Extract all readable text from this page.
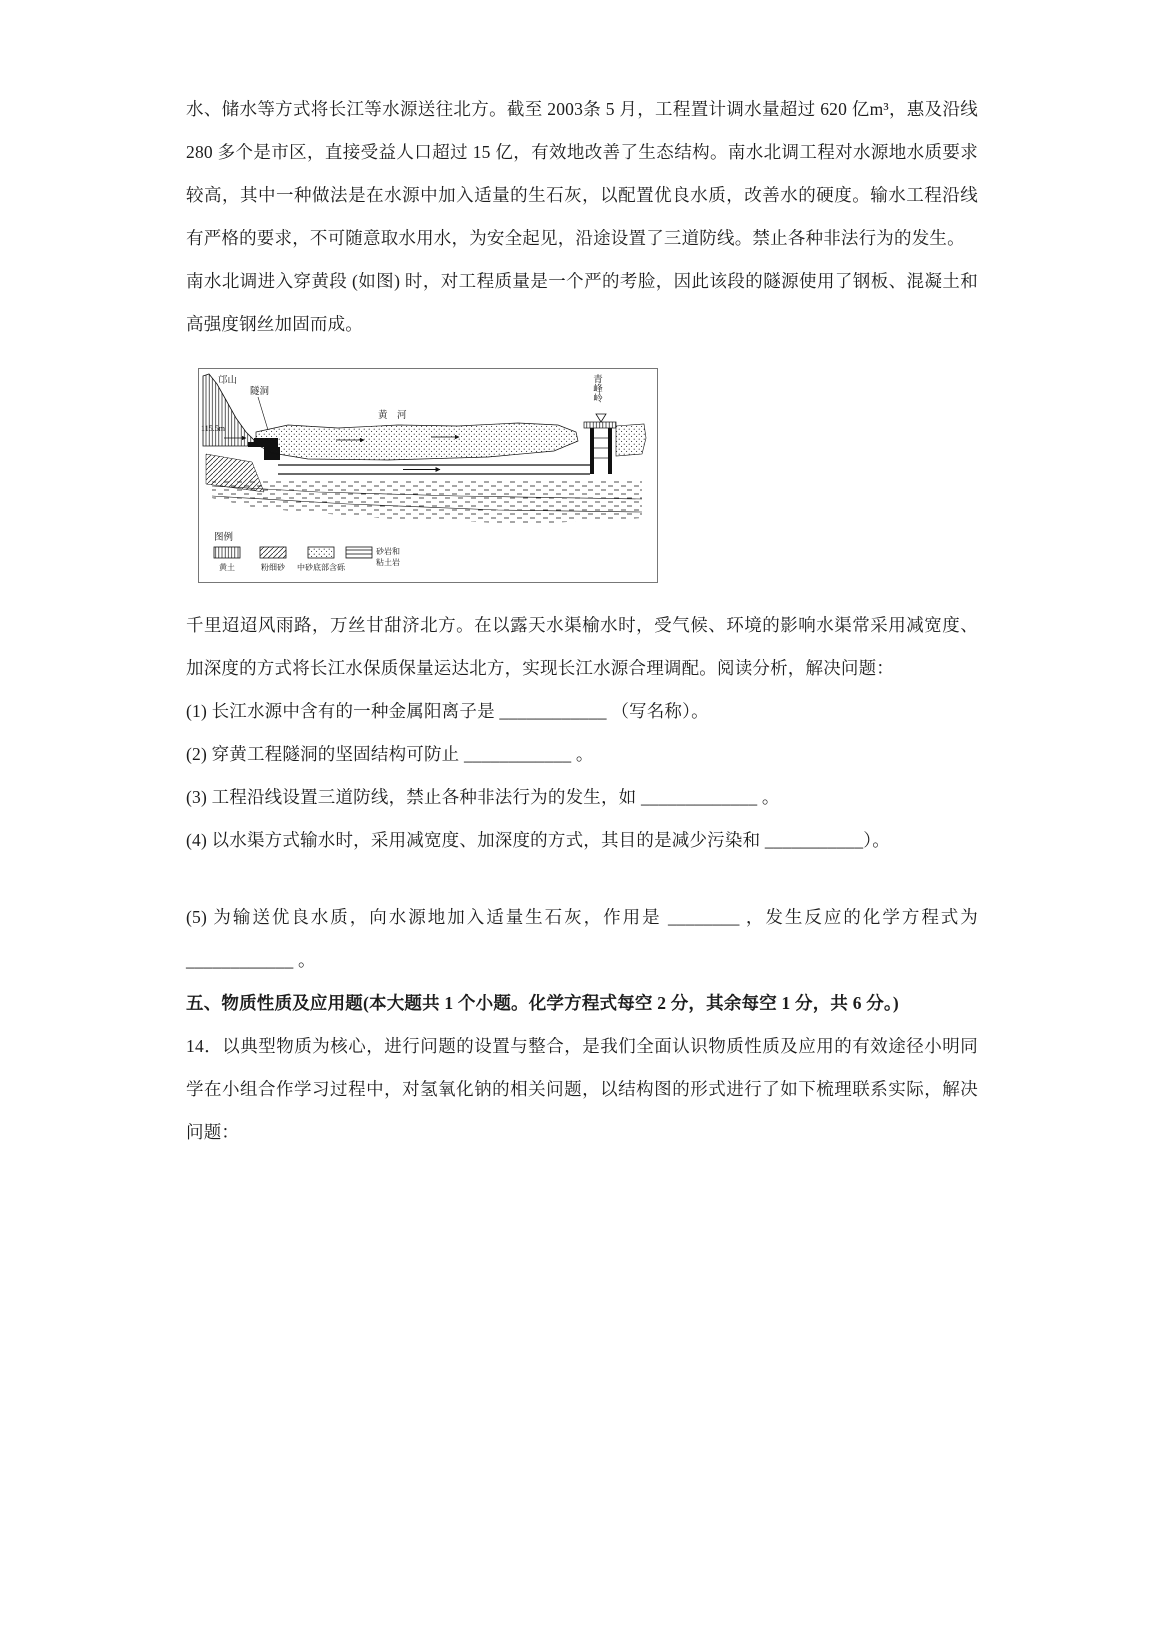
水、储水等方式将长江等水源送往北方。截至 2003条 5 月，工程置计调水量超过 620 亿m³，惠及沿线 280 多个是市区，直接受益人口超过 15 亿，有效地改善了生态结构。南水北调工程对水源地水质要求较高，其中一种做法是在水源中加入适量的生石灰，以配置优良水质，改善水的硬度。输水工程沿线有严格的要求，不可随意取水用水，为安全起见，沿途设置了三道防线。禁止各种非法行为的发生。

南水北调进入穿黄段 (如图) 时，对工程质量是一个严的考脸，因此该段的隧源使用了钢板、混凝土和高强度钢丝加固而成。

邙山
隧洞
115.5m
黄　河
青峰岭
图例
黄土	粉细砂 中砂底部含砾
砂岩和
粘土岩

千里迢迢风雨路，万丝甘甜济北方。在以露天水渠榆水时，受气候、环境的影响水渠常采用减宽度、加深度的方式将长江水保质保量运达北方，实现长江水源合理调配。阅读分析，解决问题：

(1) 长江水源中含有的一种金属阳离子是 ____________ （写名称）。

(2) 穿黄工程隧洞的坚固结构可防止 ____________ 。

(3) 工程沿线设置三道防线，禁止各种非法行为的发生，如 _____________ 。

(4) 以水渠方式输水时，采用减宽度、加深度的方式，其目的是减少污染和 ___________）。

(5) 为输送优良水质，向水源地加入适量生石灰，作用是 ________ ，发生反应的化学方程式为____________ 。

五、物质性质及应用题(本大题共 1 个小题。化学方程式每空 2 分，其余每空 1 分，共 6 分。)

14．以典型物质为核心，进行问题的设置与整合，是我们全面认识物质性质及应用的有效途径小明同学在小组合作学习过程中，对氢氧化钠的相关问题，以结构图的形式进行了如下梳理联系实际，解决问题：
